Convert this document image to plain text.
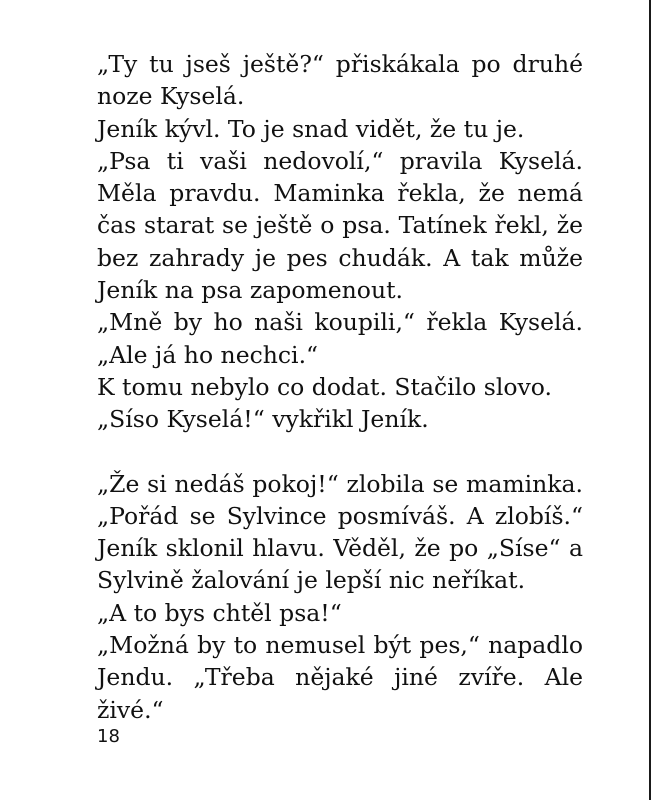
„Ty tu jseš ještě?“ přiskákala po druhé noze Kyselá.

Jeník kývl. To je snad vidět, že tu je.

„Psa ti vaši nedovolí,“ pravila Kyselá. Měla pravdu. Maminka řekla, že nemá čas starat se ještě o psa. Tatínek řekl, že bez zahrady je pes chudák. A tak může Jeník na psa zapomenout.

„Mně by ho naši koupili,“ řekla Kyselá. „Ale já ho nechci.“

K tomu nebylo co dodat. Stačilo slovo.

„Síso Kyselá!“ vykřikl Jeník.

„Že si nedáš pokoj!“ zlobila se maminka. „Pořád se Sylvince posmíváš. A zlobíš.“ Jeník sklonil hlavu. Věděl, že po „Síse“ a Sylvině žalování je lepší nic neříkat.

„A to bys chtěl psa!“

„Možná by to nemusel být pes,“ napadlo Jendu. „Třeba nějaké jiné zvíře. Ale živé.“

18
